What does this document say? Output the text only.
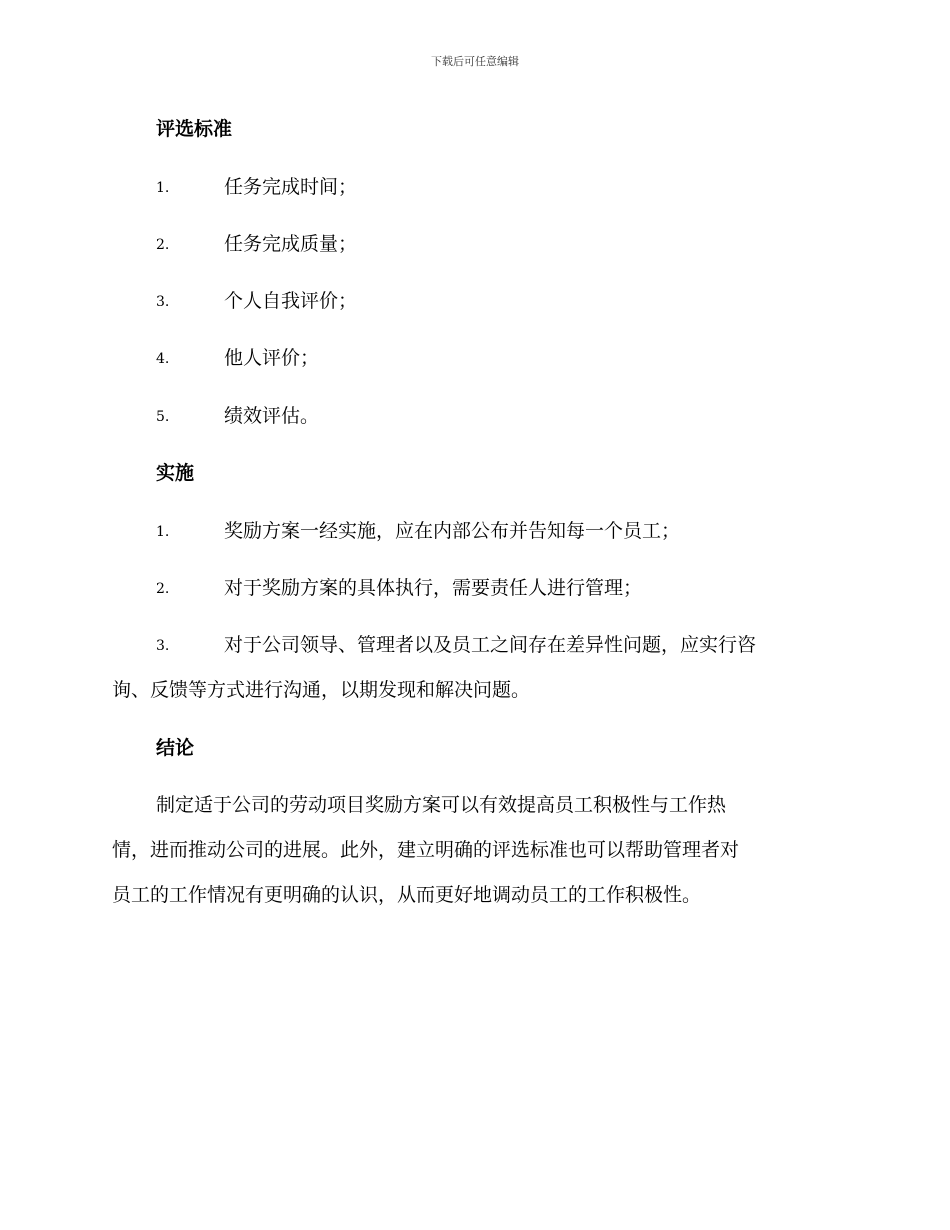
下载后可任意编辑
评选标准
1.	任务完成时间；
2.	任务完成质量；
3.	个人自我评价；
4.	他人评价；
5.	绩效评估。
实施
1.	奖励方案一经实施，应在内部公布并告知每一个员工；
2.	对于奖励方案的具体执行，需要责任人进行管理；
3.	对于公司领导、管理者以及员工之间存在差异性问题，应实行咨
询、反馈等方式进行沟通，以期发现和解决问题。
结论
制定适于公司的劳动项目奖励方案可以有效提高员工积极性与工作热
情，进而推动公司的进展。此外，建立明确的评选标准也可以帮助管理者对
员工的工作情况有更明确的认识，从而更好地调动员工的工作积极性。
